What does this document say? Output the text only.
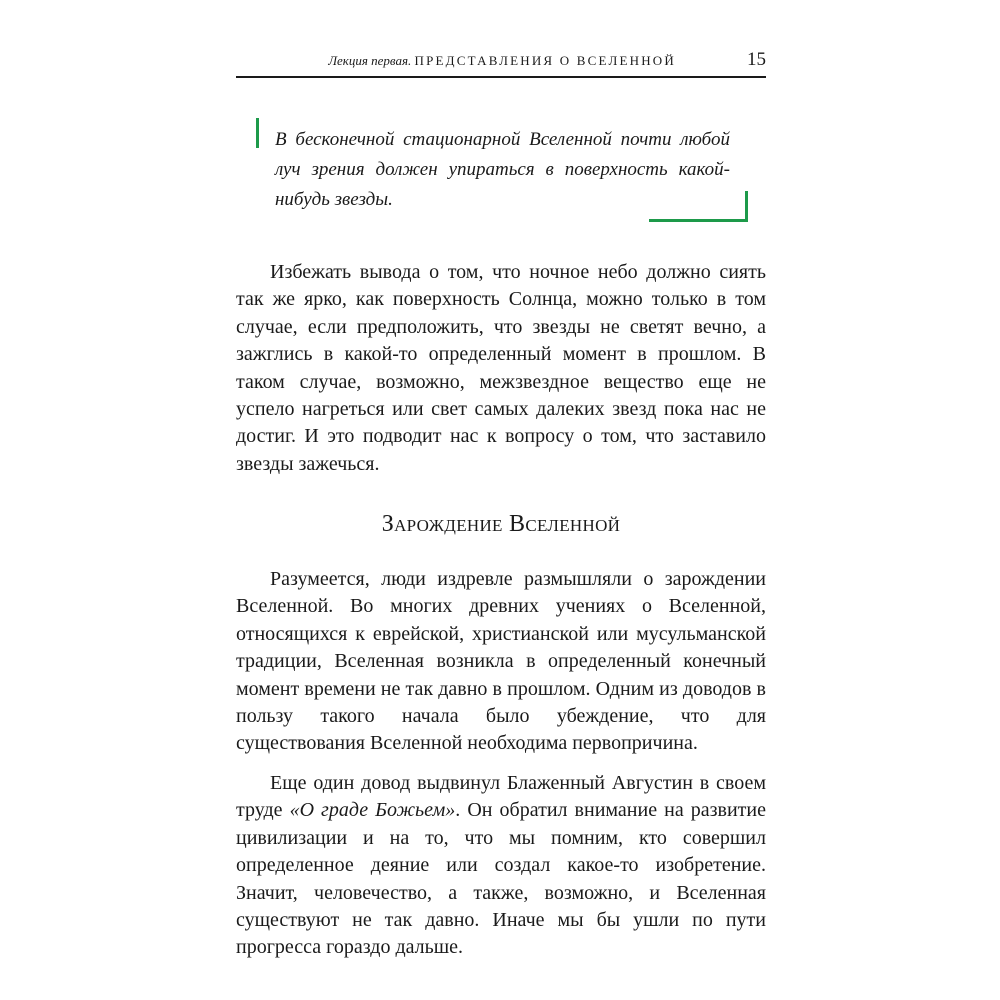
Лекция первая. ПРЕДСТАВЛЕНИЯ О ВСЕЛЕННОЙ	15
В бесконечной стационарной Вселенной почти любой луч зрения должен упираться в поверхность какой-нибудь звезды.

Избежать вывода о том, что ночное небо должно сиять так же ярко, как поверхность Солнца, можно только в том случае, если предположить, что звезды не светят вечно, а зажглись в какой-то определенный момент в прошлом. В таком случае, возможно, межзвездное вещество еще не успело нагреться или свет самых далеких звезд пока нас не достиг. И это подводит нас к вопросу о том, что заставило звезды зажечься.

Зарождение Вселенной

Разумеется, люди издревле размышляли о зарождении Вселенной. Во многих древних учениях о Вселенной, относящихся к еврейской, христианской или мусульманской традиции, Вселенная возникла в определенный конечный момент времени не так давно в прошлом. Одним из доводов в пользу такого начала было убеждение, что для существования Вселенной необходима первопричина.

Еще один довод выдвинул Блаженный Августин в своем труде «О граде Божьем». Он обратил внимание на развитие цивилизации и на то, что мы помним, кто совершил определенное деяние или создал какое-то изобретение. Значит, человечество, а также, возможно, и Вселенная существуют не так давно. Иначе мы бы ушли по пути прогресса гораздо дальше.
